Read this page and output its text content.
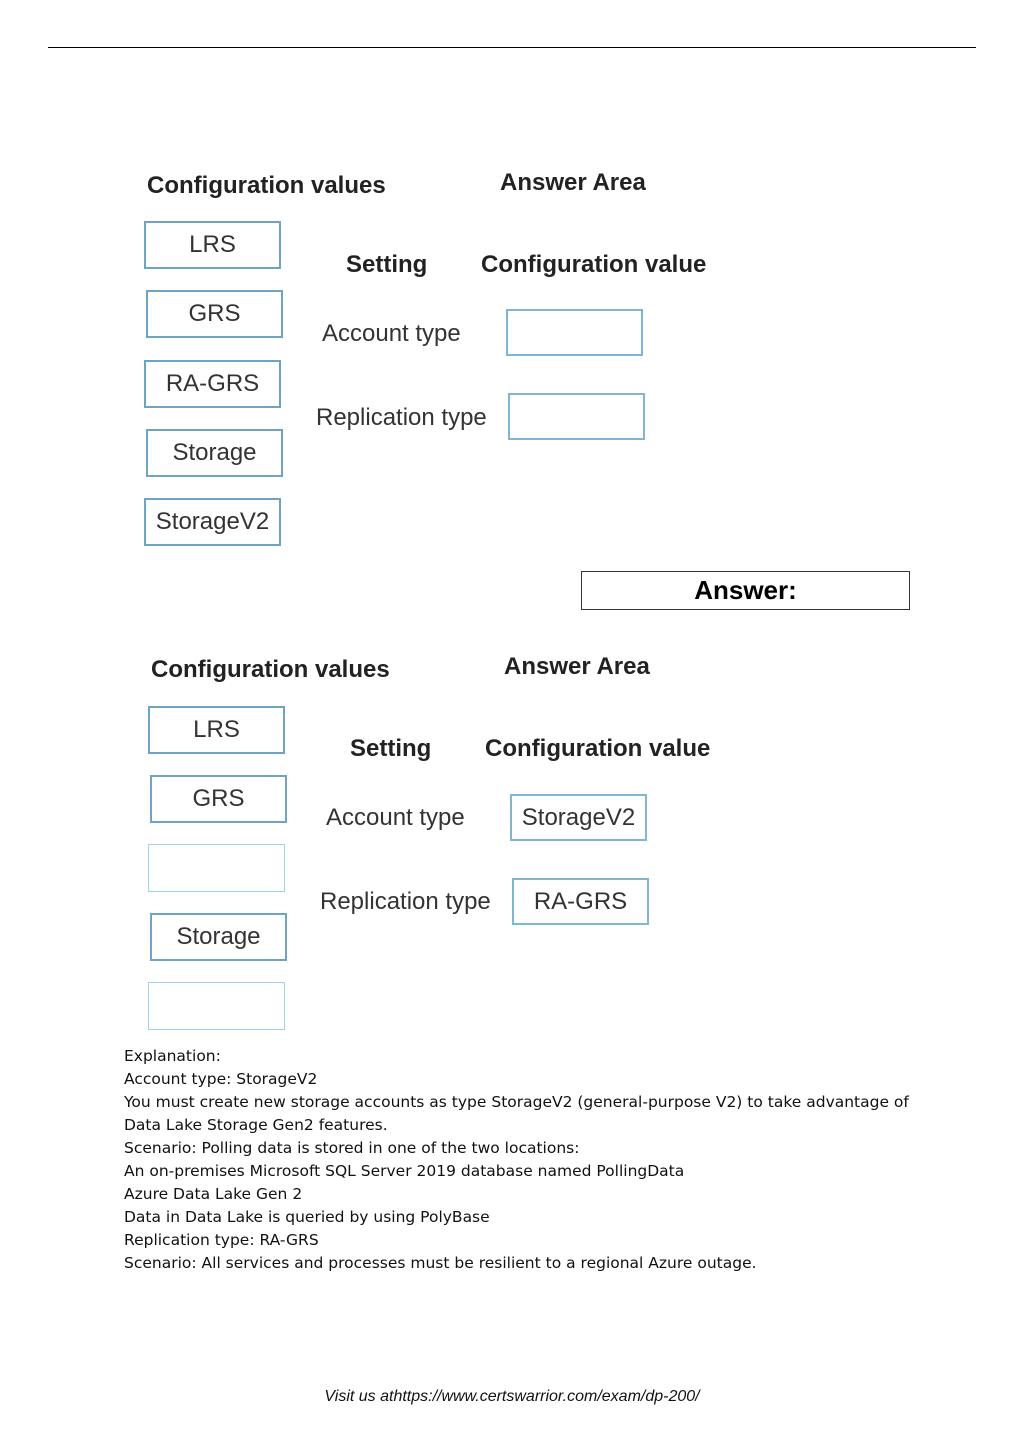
Configuration values	Answer Area
Setting Configuration value
LRS
GRS
RA-GRS
Storage
StorageV2
Account type
Replication type
Answer:
Configuration values	Answer Area
Setting Configuration value
LRS
GRS
Storage
Account type
Replication type
StorageV2
RA-GRS
Explanation:
Account type: StorageV2
You must create new storage accounts as type StorageV2 (general-purpose V2) to take advantage of
Data Lake Storage Gen2 features.
Scenario: Polling data is stored in one of the two locations:
An on-premises Microsoft SQL Server 2019 database named PollingData
Azure Data Lake Gen 2
Data in Data Lake is queried by using PolyBase
Replication type: RA-GRS
Scenario: All services and processes must be resilient to a regional Azure outage.
Visit us athttps://www.certswarrior.com/exam/dp-200/
